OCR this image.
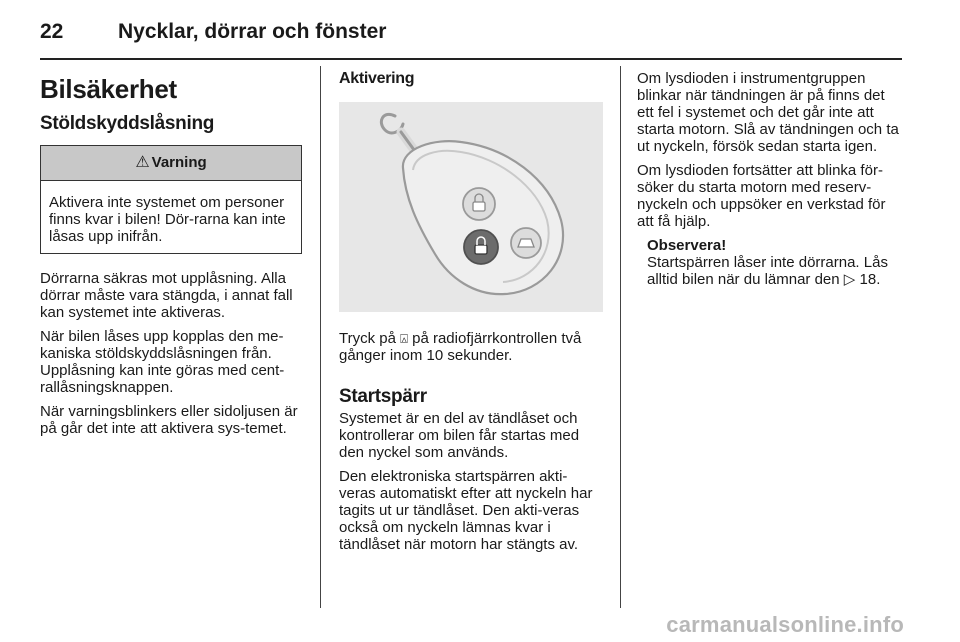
22	Nycklar, dörrar och fönster
Bilsäkerhet
Stöldskyddslåsning
⚠ Varning

Aktivera inte systemet om personer finns kvar i bilen! Dör-rarna kan inte låsas upp inifrån.

Dörrarna säkras mot upplåsning. Alla dörrar måste vara stängda, i annat fall kan systemet inte aktiveras.

När bilen låses upp kopplas den me-kaniska stöldskyddslåsningen från. Upplåsning kan inte göras med cent-rallåsningsknappen.

När varningsblinkers eller sidoljusen är på går det inte att aktivera sys-temet.

Aktivering

Tryck på ⍓ på radiofjärrkontrollen två gånger inom 10 sekunder.

Startspärr

Systemet är en del av tändlåset och kontrollerar om bilen får startas med den nyckel som används.

Den elektroniska startspärren akti-veras automatiskt efter att nyckeln har tagits ut ur tändlåset. Den akti-veras också om nyckeln lämnas kvar i tändlåset när motorn har stängts av.

Om lysdioden i instrumentgruppen blinkar när tändningen är på finns det ett fel i systemet och det går inte att starta motorn. Slå av tändningen och ta ut nyckeln, försök sedan starta igen.

Om lysdioden fortsätter att blinka för-söker du starta motorn med reserv-nyckeln och uppsöker en verkstad för att få hjälp.

Observera!

Startspärren låser inte dörrarna. Lås alltid bilen när du lämnar den ▷ 18.

carmanualsonline.info
